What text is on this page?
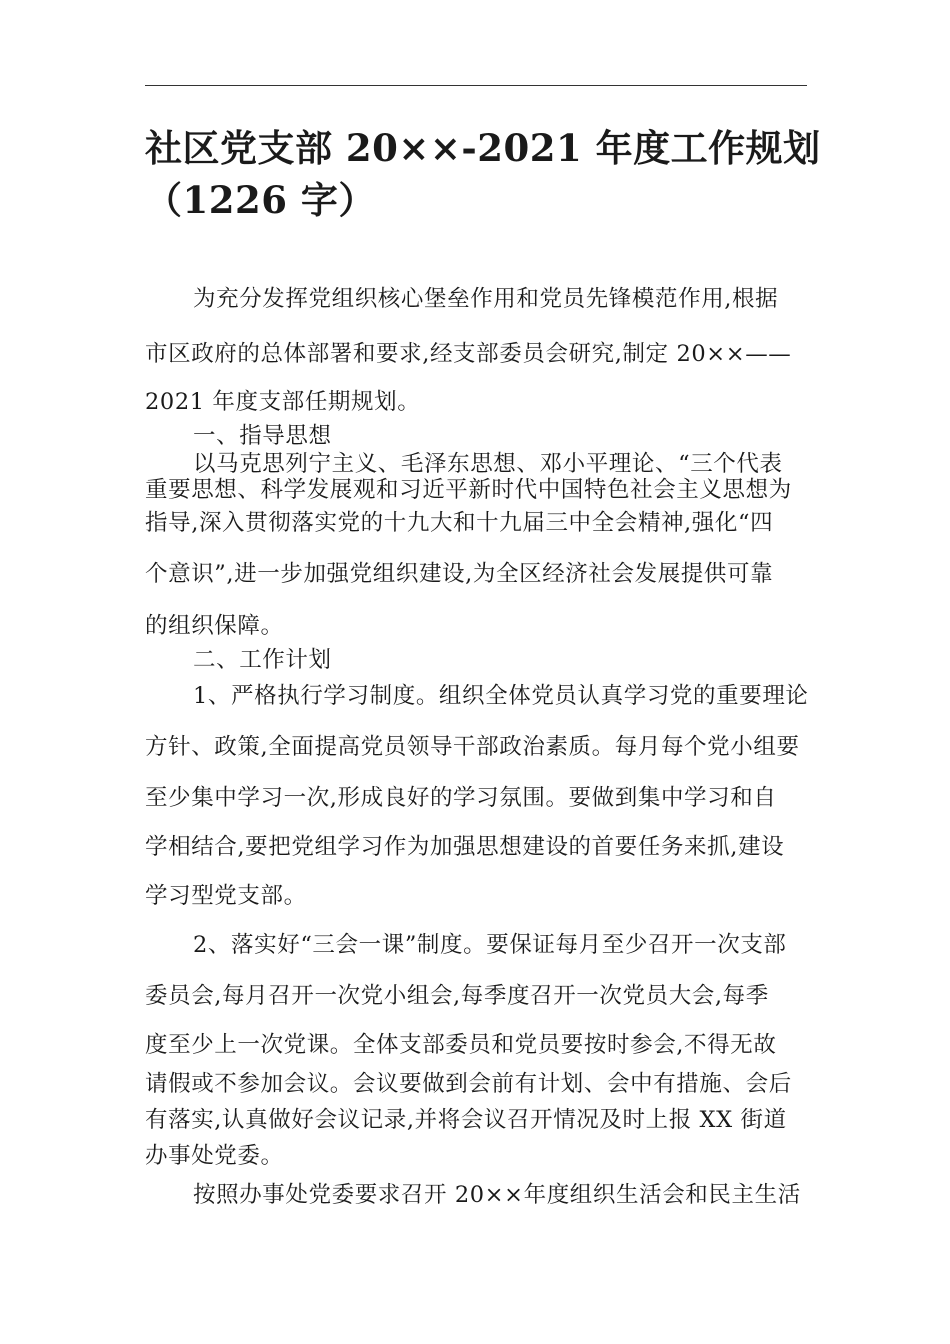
社区党支部 20××-2021 年度工作规划
（1226 字）
为充分发挥党组织核心堡垒作用和党员先锋模范作用,根据
市区政府的总体部署和要求,经支部委员会研究,制定 20××——
2021 年度支部任期规划。
一、指导思想
以马克思列宁主义、毛泽东思想、邓小平理论、“三个代表
重要思想、科学发展观和习近平新时代中国特色社会主义思想为
指导,深入贯彻落实党的十九大和十九届三中全会精神,强化“四
个意识”,进一步加强党组织建设,为全区经济社会发展提供可靠
的组织保障。
二、工作计划
1、严格执行学习制度。组织全体党员认真学习党的重要理论
方针、政策,全面提高党员领导干部政治素质。每月每个党小组要
至少集中学习一次,形成良好的学习氛围。要做到集中学习和自
学相结合,要把党组学习作为加强思想建设的首要任务来抓,建设
学习型党支部。
2、落实好“三会一课”制度。要保证每月至少召开一次支部
委员会,每月召开一次党小组会,每季度召开一次党员大会,每季
度至少上一次党课。全体支部委员和党员要按时参会,不得无故
请假或不参加会议。会议要做到会前有计划、会中有措施、会后
有落实,认真做好会议记录,并将会议召开情况及时上报 XX 街道
办事处党委。
按照办事处党委要求召开 20××年度组织生活会和民主生活
